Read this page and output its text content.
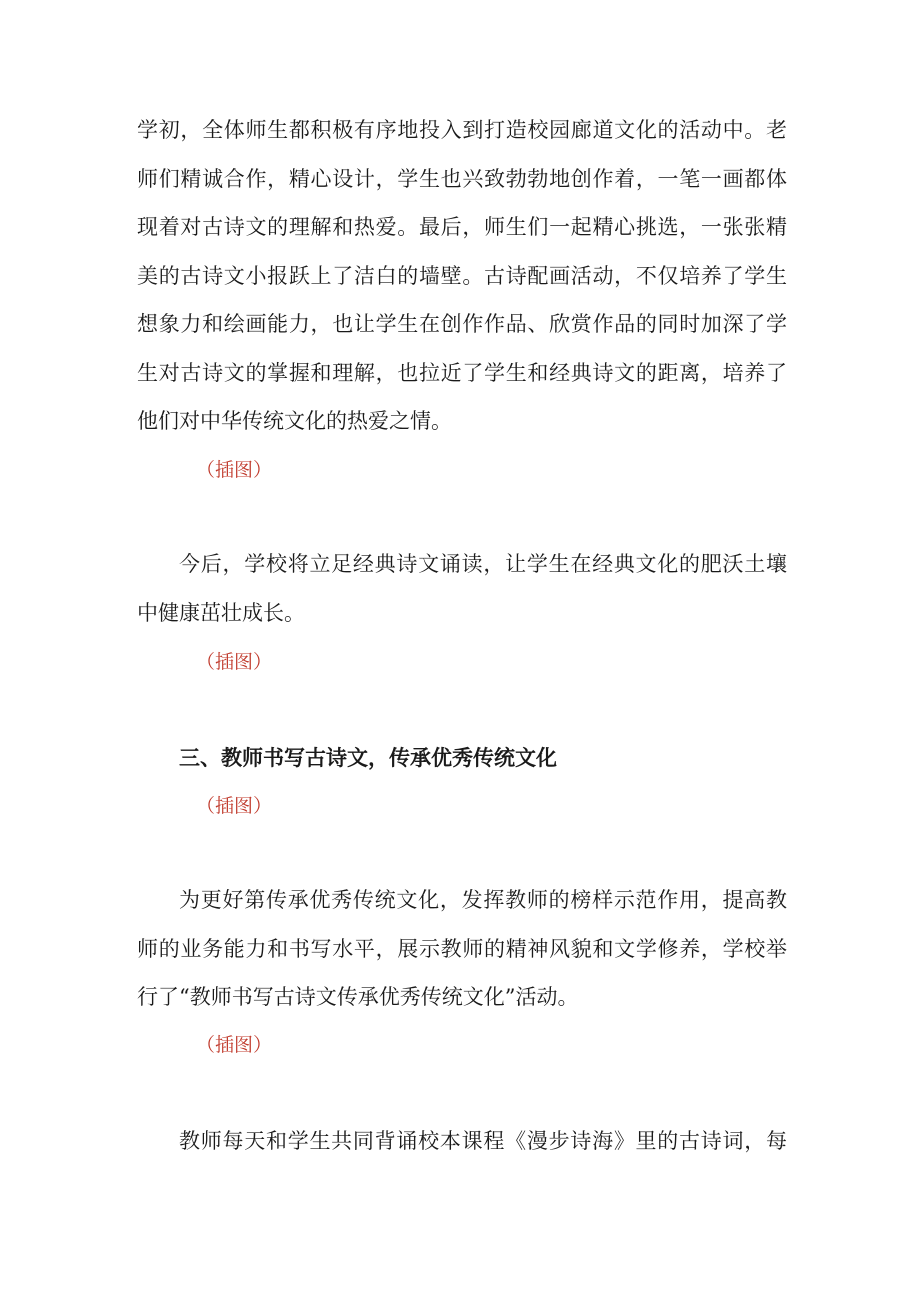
学初，全体师生都积极有序地投入到打造校园廊道文化的活动中。老
师们精诚合作，精心设计，学生也兴致勃勃地创作着，一笔一画都体
现着对古诗文的理解和热爱。最后，师生们一起精心挑选，一张张精
美的古诗文小报跃上了洁白的墙壁。古诗配画活动，不仅培养了学生
想象力和绘画能力，也让学生在创作作品、欣赏作品的同时加深了学
生对古诗文的掌握和理解，也拉近了学生和经典诗文的距离，培养了
他们对中华传统文化的热爱之情。
（插图）
今后，学校将立足经典诗文诵读，让学生在经典文化的肥沃土壤
中健康茁壮成长。
（插图）
三、教师书写古诗文，传承优秀传统文化
（插图）
为更好第传承优秀传统文化，发挥教师的榜样示范作用，提高教
师的业务能力和书写水平，展示教师的精神风貌和文学修养，学校举
行了“教师书写古诗文传承优秀传统文化”活动。
（插图）
教师每天和学生共同背诵校本课程《漫步诗海》里的古诗词，每
